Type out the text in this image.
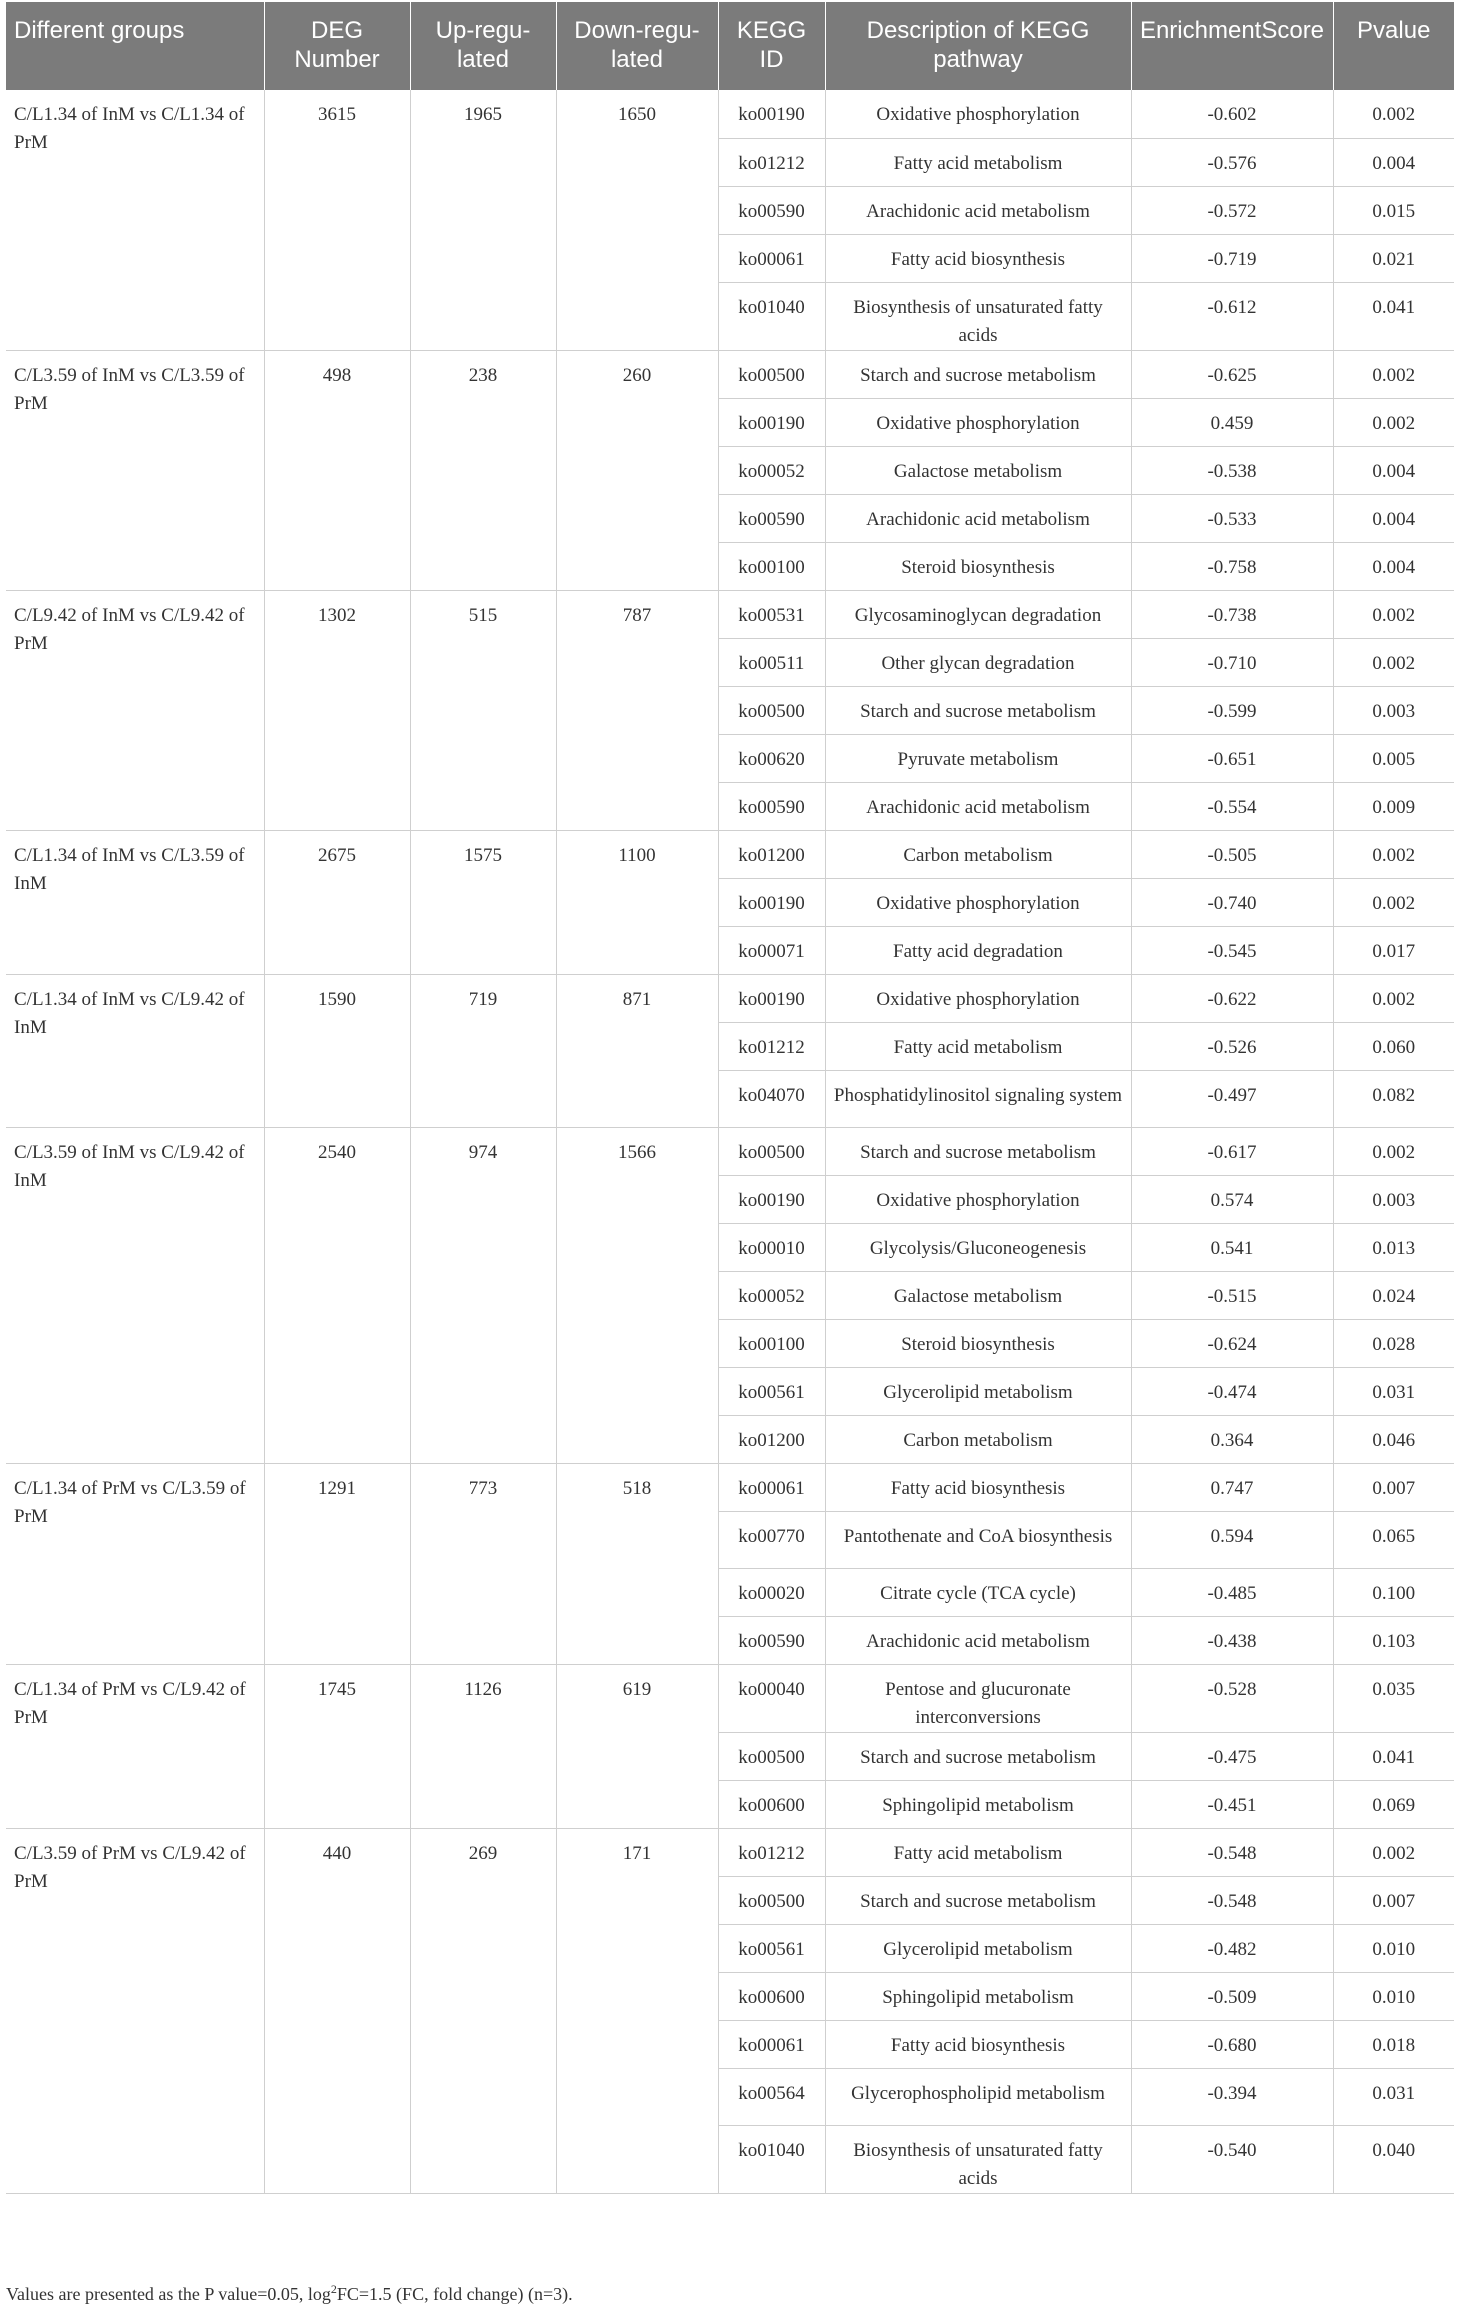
Different groups	DEG Number	Up-regu-lated	Down-regu-lated	KEGG ID	Description of KEGG pathway	EnrichmentScore	Pvalue
C/L1.34 of InM vs C/L1.34 of PrM	3615	1965	1650	ko00190	Oxidative phosphorylation	-0.602	0.002
				ko01212	Fatty acid metabolism	-0.576	0.004
				ko00590	Arachidonic acid metabolism	-0.572	0.015
				ko00061	Fatty acid biosynthesis	-0.719	0.021
				ko01040	Biosynthesis of unsaturated fatty acids	-0.612	0.041
C/L3.59 of InM vs C/L3.59 of PrM	498	238	260	ko00500	Starch and sucrose metabolism	-0.625	0.002
				ko00190	Oxidative phosphorylation	0.459	0.002
				ko00052	Galactose metabolism	-0.538	0.004
				ko00590	Arachidonic acid metabolism	-0.533	0.004
				ko00100	Steroid biosynthesis	-0.758	0.004
C/L9.42 of InM vs C/L9.42 of PrM	1302	515	787	ko00531	Glycosaminoglycan degradation	-0.738	0.002
				ko00511	Other glycan degradation	-0.710	0.002
				ko00500	Starch and sucrose metabolism	-0.599	0.003
				ko00620	Pyruvate metabolism	-0.651	0.005
				ko00590	Arachidonic acid metabolism	-0.554	0.009
C/L1.34 of InM vs C/L3.59 of InM	2675	1575	1100	ko01200	Carbon metabolism	-0.505	0.002
				ko00190	Oxidative phosphorylation	-0.740	0.002
				ko00071	Fatty acid degradation	-0.545	0.017
C/L1.34 of InM vs C/L9.42 of InM	1590	719	871	ko00190	Oxidative phosphorylation	-0.622	0.002
				ko01212	Fatty acid metabolism	-0.526	0.060
				ko04070	Phosphatidylinositol signaling system	-0.497	0.082
C/L3.59 of InM vs C/L9.42 of InM	2540	974	1566	ko00500	Starch and sucrose metabolism	-0.617	0.002
				ko00190	Oxidative phosphorylation	0.574	0.003
				ko00010	Glycolysis/Gluconeogenesis	0.541	0.013
				ko00052	Galactose metabolism	-0.515	0.024
				ko00100	Steroid biosynthesis	-0.624	0.028
				ko00561	Glycerolipid metabolism	-0.474	0.031
				ko01200	Carbon metabolism	0.364	0.046
C/L1.34 of PrM vs C/L3.59 of PrM	1291	773	518	ko00061	Fatty acid biosynthesis	0.747	0.007
				ko00770	Pantothenate and CoA biosynthesis	0.594	0.065
				ko00020	Citrate cycle (TCA cycle)	-0.485	0.100
				ko00590	Arachidonic acid metabolism	-0.438	0.103
C/L1.34 of PrM vs C/L9.42 of PrM	1745	1126	619	ko00040	Pentose and glucuronate interconversions	-0.528	0.035
				ko00500	Starch and sucrose metabolism	-0.475	0.041
				ko00600	Sphingolipid metabolism	-0.451	0.069
C/L3.59 of PrM vs C/L9.42 of PrM	440	269	171	ko01212	Fatty acid metabolism	-0.548	0.002
				ko00500	Starch and sucrose metabolism	-0.548	0.007
				ko00561	Glycerolipid metabolism	-0.482	0.010
				ko00600	Sphingolipid metabolism	-0.509	0.010
				ko00061	Fatty acid biosynthesis	-0.680	0.018
				ko00564	Glycerophospholipid metabolism	-0.394	0.031
				ko01040	Biosynthesis of unsaturated fatty acids	-0.540	0.040
Values are presented as the P value=0.05, $\log^2FC=1.5$ (FC, fold change) (n=3).
